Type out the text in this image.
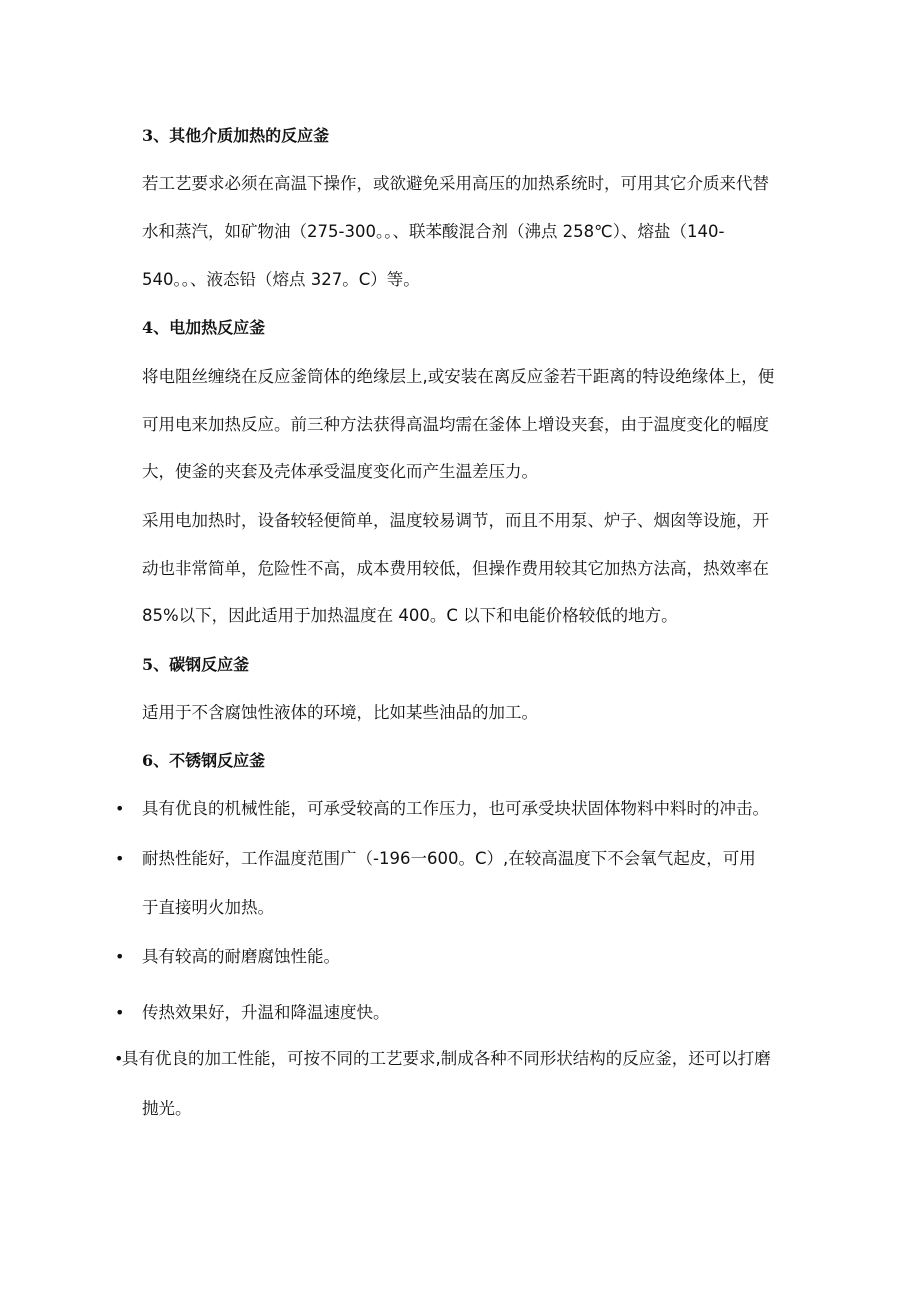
3、其他介质加热的反应釜
若工艺要求必须在高温下操作，或欲避免采用高压的加热系统时，可用其它介质来代替
水和蒸汽，如矿物油（275-300。。、联苯酸混合剂（沸点 258℃）、熔盐（140-
540。。、液态铅（熔点 327。C）等。
4、电加热反应釜
将电阻丝缠绕在反应釜筒体的绝缘层上,或安装在离反应釜若干距离的特设绝缘体上，便
可用电来加热反应。前三种方法获得高温均需在釜体上增设夹套，由于温度变化的幅度
大，使釜的夹套及壳体承受温度变化而产生温差压力。
采用电加热时，设备较轻便简单，温度较易调节，而且不用泵、炉子、烟囱等设施，开
动也非常简单，危险性不高，成本费用较低，但操作费用较其它加热方法高，热效率在
85%以下，因此适用于加热温度在 400。C 以下和电能价格较低的地方。
5、碳钢反应釜
适用于不含腐蚀性液体的环境，比如某些油品的加工。
6、不锈钢反应釜
• 具有优良的机械性能，可承受较高的工作压力，也可承受块状固体物料中料时的冲击。
• 耐热性能好，工作温度范围广（-196一600。C）,在较高温度下不会氧气起皮，可用
于直接明火加热。
• 具有较高的耐磨腐蚀性能。
• 传热效果好，升温和降温速度快。
•
具有优良的加工性能，可按不同的工艺要求,制成各种不同形状结构的反应釜，还可以打磨
抛光。
